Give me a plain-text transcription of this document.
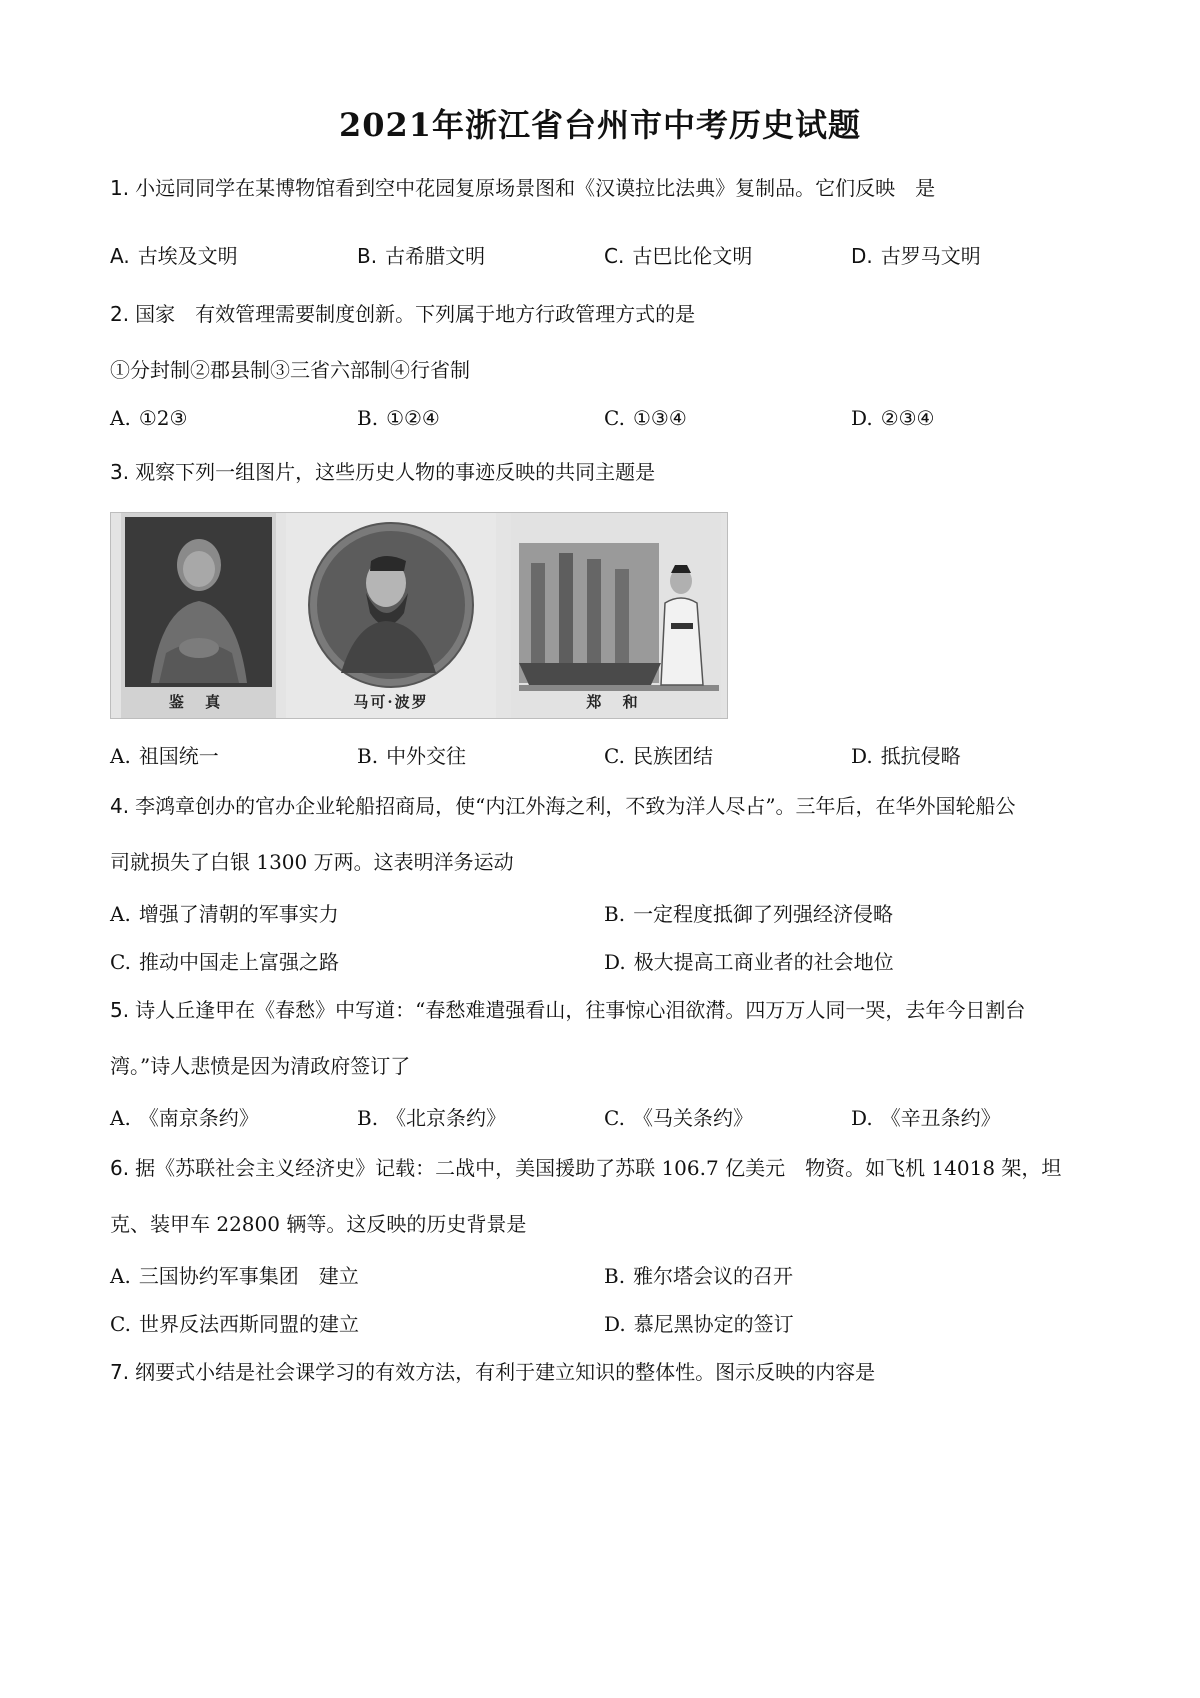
2021年浙江省台州市中考历史试题
1. 小远同同学在某博物馆看到空中花园复原场景图和《汉谟拉比法典》复制品。它们反映　是
A. 古埃及文明	B. 古希腊文明	C. 古巴比伦文明	D. 古罗马文明
2. 国家　有效管理需要制度创新。下列属于地方行政管理方式的是
①分封制②郡县制③三省六部制④行省制
A. ①2③	B. ①②④	C. ①③④	D. ②③④
3. 观察下列一组图片，这些历史人物的事迹反映的共同主题是
鉴 真	马可·波罗	郑 和
A. 祖国统一	B. 中外交往	C. 民族团结	D. 抵抗侵略
4. 李鸿章创办的官办企业轮船招商局，使“内江外海之利，不致为洋人尽占”。三年后，在华外国轮船公
司就损失了白银 1300 万两。这表明洋务运动
A. 增强了清朝的军事实力	B. 一定程度抵御了列强经济侵略
C. 推动中国走上富强之路	D. 极大提高工商业者的社会地位
5. 诗人丘逢甲在《春愁》中写道：“春愁难遣强看山，往事惊心泪欲潸。四万万人同一哭，去年今日割台
湾。”诗人悲愤是因为清政府签订了
A. 《南京条约》	B. 《北京条约》	C. 《马关条约》	D. 《辛丑条约》
6. 据《苏联社会主义经济史》记载：二战中，美国援助了苏联 106.7 亿美元　物资。如飞机 14018 架，坦
克、装甲车 22800 辆等。这反映的历史背景是
A. 三国协约军事集团　建立	B. 雅尔塔会议的召开
C. 世界反法西斯同盟的建立	D. 慕尼黑协定的签订
7. 纲要式小结是社会课学习的有效方法，有利于建立知识的整体性。图示反映的内容是
